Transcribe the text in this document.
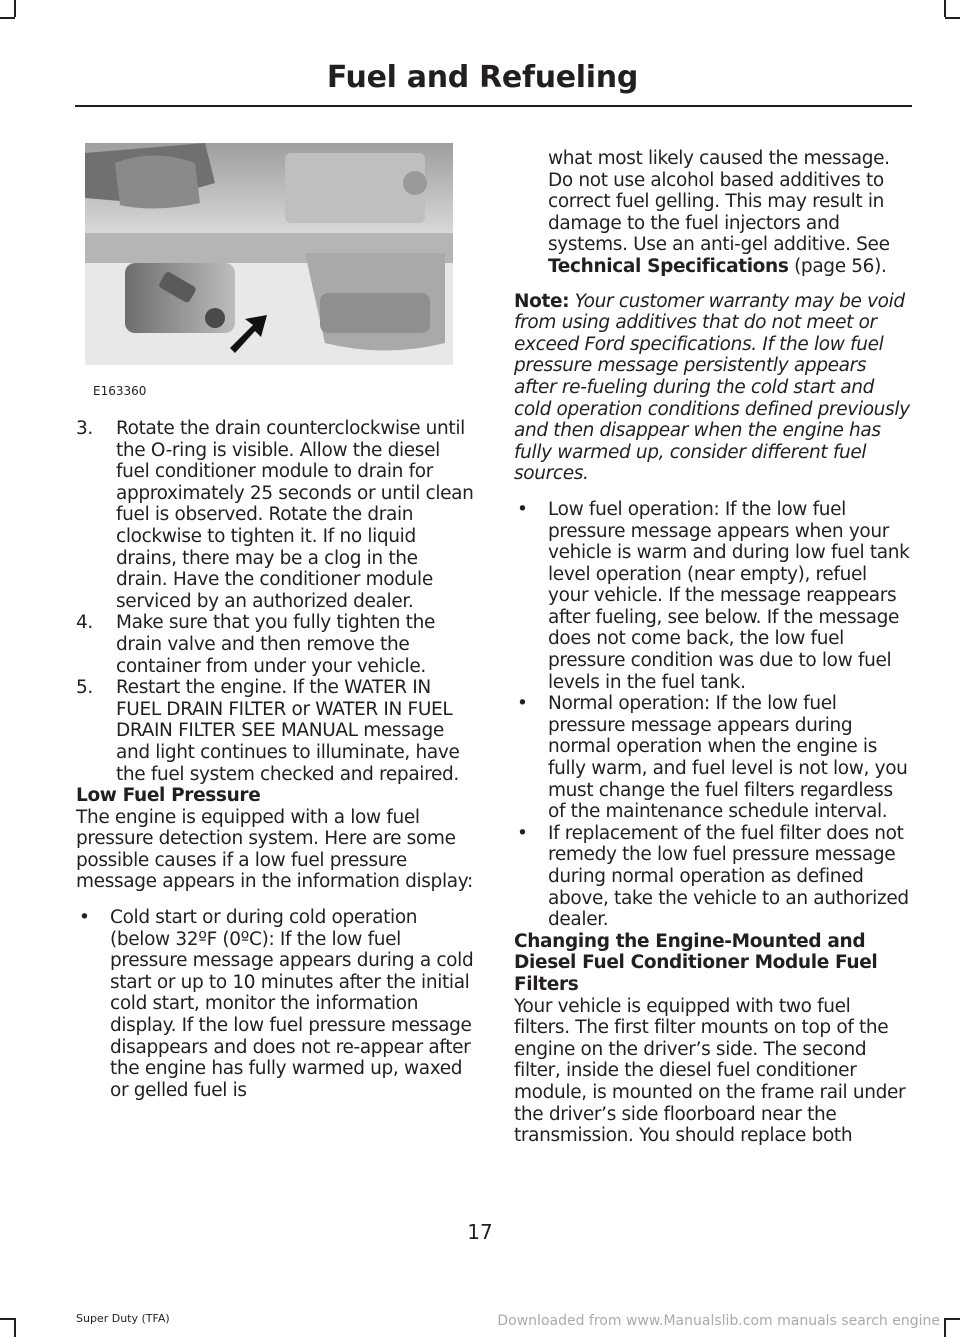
Fuel and Refueling
E163360

3. Rotate the drain counterclockwise until the O-ring is visible. Allow the diesel fuel conditioner module to drain for approximately 25 seconds or until clean fuel is observed. Rotate the drain clockwise to tighten it. If no liquid drains, there may be a clog in the drain. Have the conditioner module serviced by an authorized dealer.

4. Make sure that you fully tighten the drain valve and then remove the container from under your vehicle.

5. Restart the engine. If the WATER IN FUEL DRAIN FILTER or WATER IN FUEL DRAIN FILTER SEE MANUAL message and light continues to illuminate, have the fuel system checked and repaired.

Low Fuel Pressure

The engine is equipped with a low fuel pressure detection system. Here are some possible causes if a low fuel pressure message appears in the information display:

• Cold start or during cold operation (below 32ºF (0ºC): If the low fuel pressure message appears during a cold start or up to 10 minutes after the initial cold start, monitor the information display. If the low fuel pressure message disappears and does not re-appear after the engine has fully warmed up, waxed or gelled fuel is

what most likely caused the message. Do not use alcohol based additives to correct fuel gelling. This may result in damage to the fuel injectors and systems. Use an anti-gel additive. See Technical Specifications (page 56).

Note: Your customer warranty may be void from using additives that do not meet or exceed Ford specifications. If the low fuel pressure message persistently appears after re-fueling during the cold start and cold operation conditions defined previously and then disappear when the engine has fully warmed up, consider different fuel sources.

• Low fuel operation: If the low fuel pressure message appears when your vehicle is warm and during low fuel tank level operation (near empty), refuel your vehicle. If the message reappears after fueling, see below. If the message does not come back, the low fuel pressure condition was due to low fuel levels in the fuel tank.

• Normal operation: If the low fuel pressure message appears during normal operation when the engine is fully warm, and fuel level is not low, you must change the fuel filters regardless of the maintenance schedule interval.

• If replacement of the fuel filter does not remedy the low fuel pressure message during normal operation as defined above, take the vehicle to an authorized dealer.

Changing the Engine-Mounted and Diesel Fuel Conditioner Module Fuel Filters

Your vehicle is equipped with two fuel filters. The first filter mounts on top of the engine on the driver’s side. The second filter, inside the diesel fuel conditioner module, is mounted on the frame rail under the driver’s side floorboard near the transmission. You should replace both

17
Super Duty (TFA)	Downloaded from www.Manualslib.com manuals search engine
